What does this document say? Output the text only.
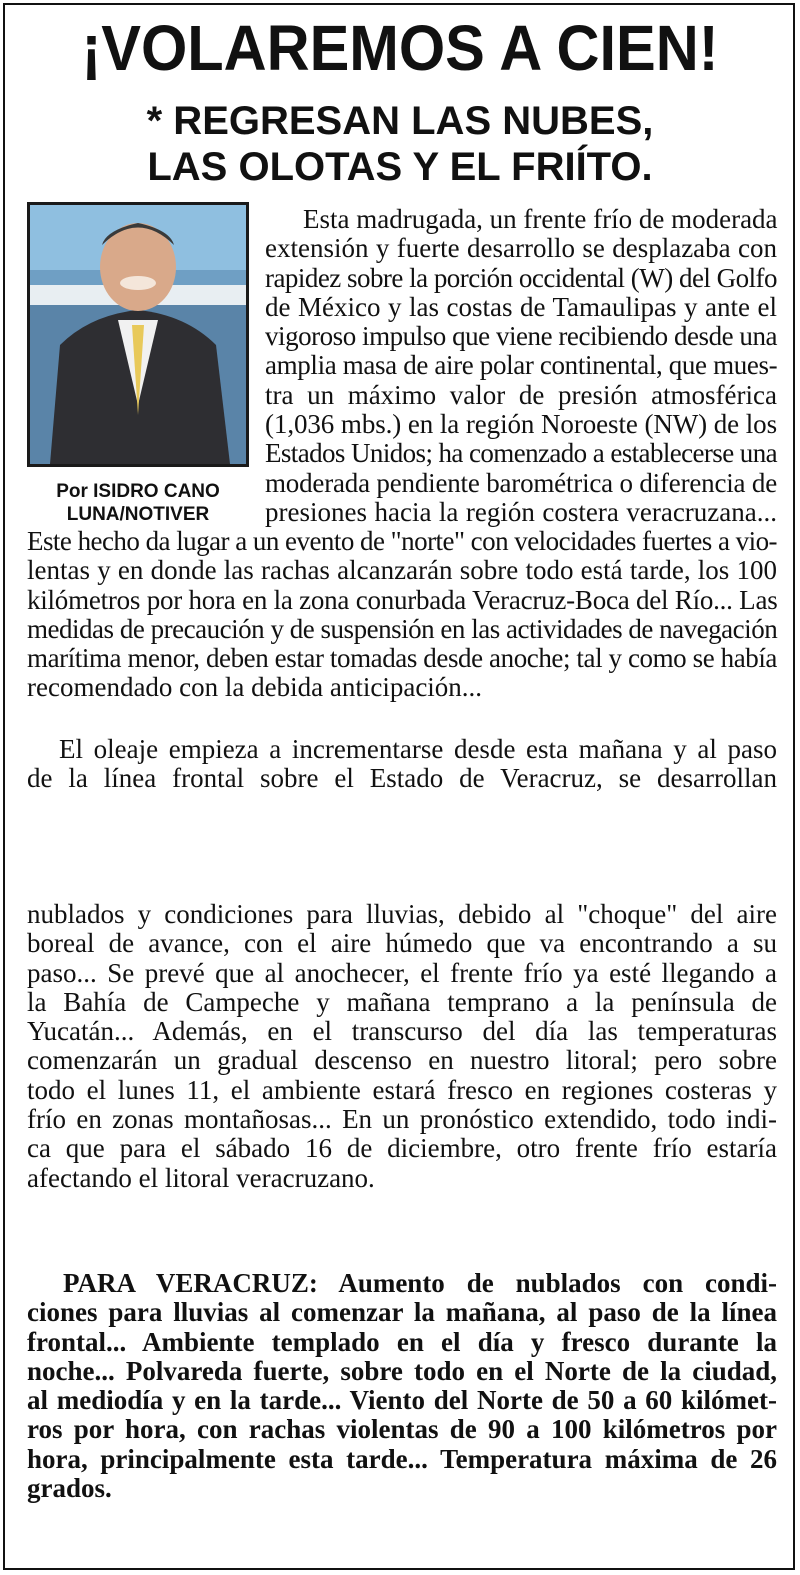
¡VOLAREMOS A CIEN!
* REGRESAN LAS NUBES,
LAS OLOTAS Y EL FRIÍTO.
Por ISIDRO CANO
LUNA/NOTIVER
Esta madrugada, un frente frío de moderada
extensión y fuerte desarrollo se desplazaba con
rapidez sobre la porción occidental (W) del Golfo
de México y las costas de Tamaulipas y ante el
vigoroso impulso que viene recibiendo desde una
amplia masa de aire polar continental, que mues-
tra un máximo valor de presión atmosférica
(1,036 mbs.) en la región Noroeste (NW) de los
Estados Unidos; ha comenzado a establecerse una
moderada pendiente barométrica o diferencia de
presiones hacia la región costera veracruzana...
Este hecho da lugar a un evento de "norte" con velocidades fuertes a vio-
lentas y en donde las rachas alcanzarán sobre todo está tarde, los 100
kilómetros por hora en la zona conurbada Veracruz-Boca del Río... Las
medidas de precaución y de suspensión en las actividades de navegación
marítima menor, deben estar tomadas desde anoche; tal y como se había
recomendado con la debida anticipación...
El oleaje empieza a incrementarse desde esta mañana y al paso
de la línea frontal sobre el Estado de Veracruz, se desarrollan
nublados y condiciones para lluvias, debido al "choque" del aire
boreal de avance, con el aire húmedo que va encontrando a su
paso... Se prevé que al anochecer, el frente frío ya esté llegando a
la Bahía de Campeche y mañana temprano a la península de
Yucatán... Además, en el transcurso del día las temperaturas
comenzarán un gradual descenso en nuestro litoral; pero sobre
todo el lunes 11, el ambiente estará fresco en regiones costeras y
frío en zonas montañosas... En un pronóstico extendido, todo indi-
ca que para el sábado 16 de diciembre, otro frente frío estaría
afectando el litoral veracruzano.
PARA VERACRUZ: Aumento de nublados con condi-
ciones para lluvias al comenzar la mañana, al paso de la línea
frontal... Ambiente templado en el día y fresco durante la
noche... Polvareda fuerte, sobre todo en el Norte de la ciudad,
al mediodía y en la tarde... Viento del Norte de 50 a 60 kilómet-
ros por hora, con rachas violentas de 90 a 100 kilómetros por
hora, principalmente esta tarde... Temperatura máxima de 26
grados.
